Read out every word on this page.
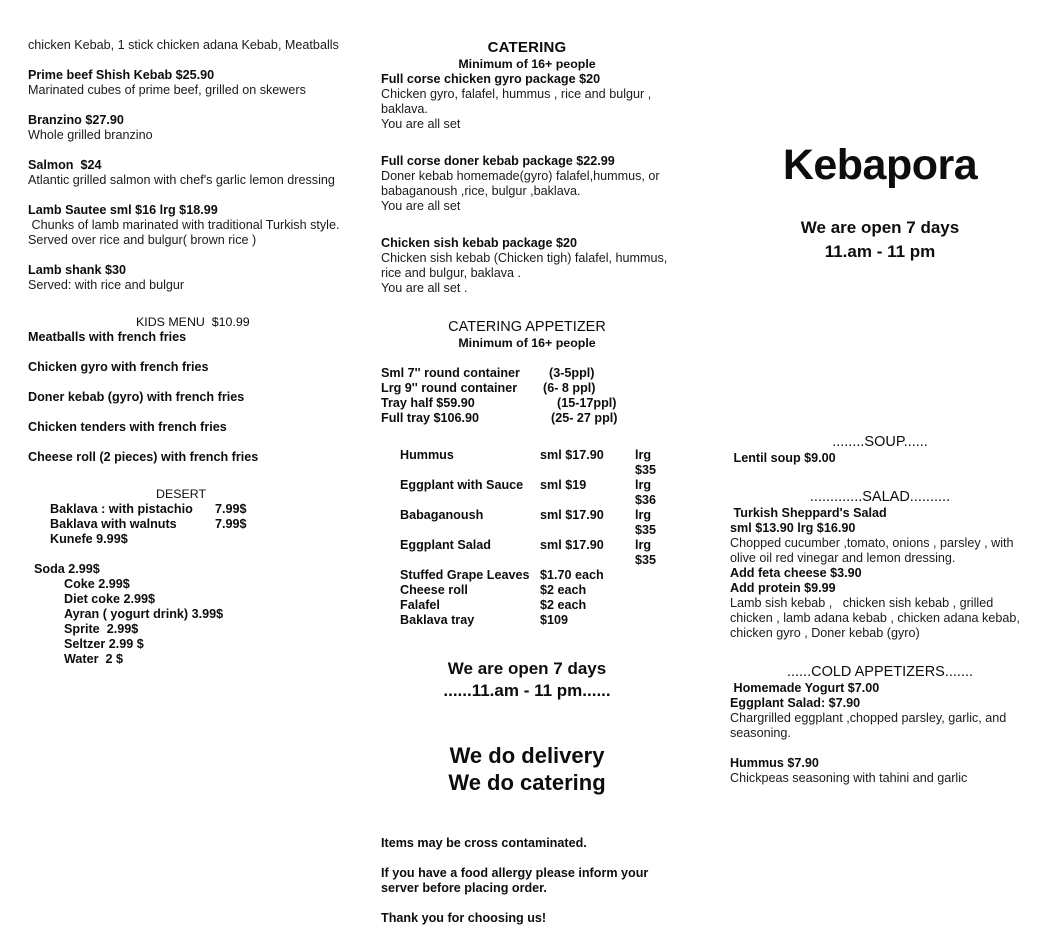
chicken Kebab, 1 stick chicken adana Kebab, Meatballs
Prime beef Shish Kebab $25.90
Marinated cubes of prime beef, grilled on skewers
Branzino $27.90
Whole grilled branzino
Salmon  $24
Atlantic grilled salmon with chef's garlic lemon dressing
Lamb Sautee sml $16 lrg $18.99
Chunks of lamb marinated with traditional Turkish style. Served over rice and bulgur( brown rice )
Lamb shank $30
Served: with rice and bulgur
KIDS MENU  $10.99
Meatballs with french fries
Chicken gyro with french fries
Doner kebab (gyro) with french fries
Chicken tenders with french fries
Cheese roll (2 pieces) with french fries
DESERT
Baklava : with pistachio	7.99$
Baklava with walnuts	7.99$
Kunefe 9.99$
Soda 2.99$
Coke 2.99$
Diet coke 2.99$
Ayran ( yogurt drink) 3.99$
Sprite  2.99$
Seltzer 2.99 $
Water  2 $
CATERING
Minimum of 16+ people
Full corse chicken gyro package $20
Chicken gyro, falafel, hummus , rice and bulgur , baklava.
You are all set
Full corse doner kebab package $22.99
Doner kebab homemade(gyro) falafel,hummus, or babaganoush ,rice, bulgur ,baklava.
You are all set
Chicken sish kebab package $20
Chicken sish kebab (Chicken tigh) falafel, hummus, rice and bulgur, baklava .
You are all set .
CATERING APPETIZER
Minimum of 16+ people
Sml 7'' round container	(3-5ppl)
Lrg 9'' round container	(6- 8 ppl)
Tray half $59.90	(15-17ppl)
Full tray $106.90	(25- 27 ppl)
Hummus	sml $17.90	lrg $35
Eggplant with Sauce	sml $19	lrg $36
Babaganoush	sml $17.90	lrg $35
Eggplant Salad	sml $17.90	lrg $35
Stuffed Grape Leaves $1.70 each
Cheese roll	$2 each
Falafel	$2 each
Baklava tray	$109
We are open 7 days
......11.am - 11 pm......
We do delivery
We do catering
Items may be cross contaminated.
If you have a food allergy please inform your server before placing order.
Thank you for choosing us!
Kebapora
We are open 7 days
11.am - 11 pm
........SOUP......
Lentil soup $9.00
.............SALAD..........
Turkish Sheppard's Salad
sml $13.90 lrg $16.90
Chopped cucumber ,tomato, onions , parsley , with olive oil red vinegar and lemon dressing.
Add feta cheese $3.90
Add protein $9.99
Lamb sish kebab ,   chicken sish kebab , grilled chicken , lamb adana kebab , chicken adana kebab, chicken gyro , Doner kebab (gyro)
......COLD APPETIZERS.......
Homemade Yogurt $7.00
Eggplant Salad: $7.90
Chargrilled eggplant ,chopped parsley, garlic, and seasoning.
Hummus $7.90
Chickpeas seasoning with tahini and garlic
